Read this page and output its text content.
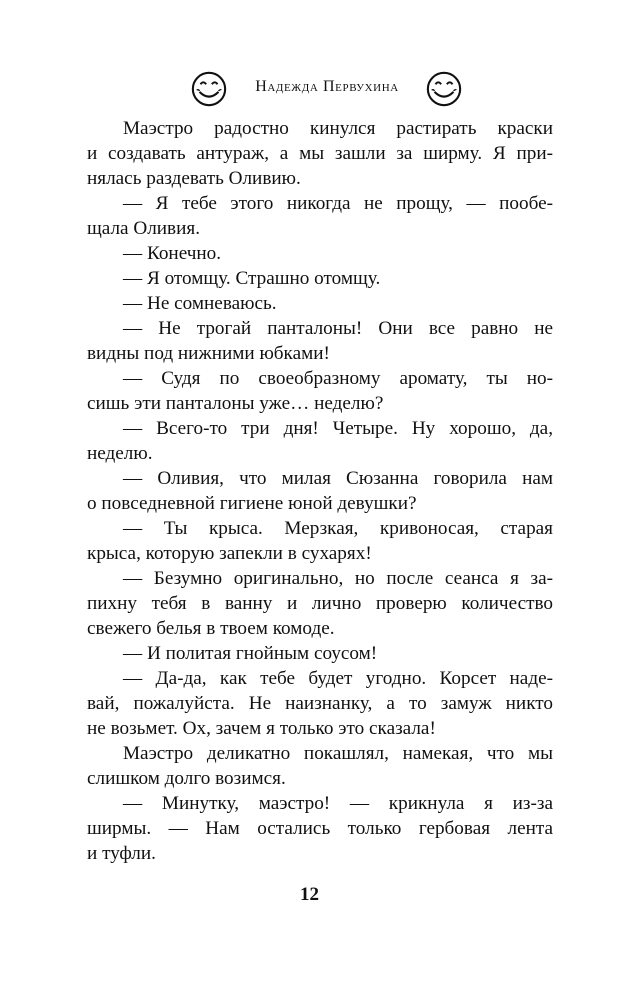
Надежда Первухина
Маэстро радостно кинулся растирать краски
и создавать антураж, а мы зашли за ширму. Я при-
нялась раздевать Оливию.
— Я тебе этого никогда не прощу, — пообе-
щала Оливия.
— Конечно.
— Я отомщу. Страшно отомщу.
— Не сомневаюсь.
— Не трогай панталоны! Они все равно не
видны под нижними юбками!
— Судя по своеобразному аромату, ты но-
сишь эти панталоны уже… неделю?
— Всего-то три дня! Четыре. Ну хорошо, да,
неделю.
— Оливия, что милая Сюзанна говорила нам
о повседневной гигиене юной девушки?
— Ты крыса. Мерзкая, кривоносая, старая
крыса, которую запекли в сухарях!
— Безумно оригинально, но после сеанса я за-
пихну тебя в ванну и лично проверю количество
свежего белья в твоем комоде.
— И политая гнойным соусом!
— Да-да, как тебе будет угодно. Корсет надe-
вай, пожалуйста. Не наизнанку, а то замуж никто
не возьмет. Ох, зачем я только это сказала!
Маэстро деликатно покашлял, намекая, что мы
слишком долго возимся.
— Минутку, маэстро! — крикнула я из-за
ширмы. — Нам остались только гербовая лента
и туфли.
12
